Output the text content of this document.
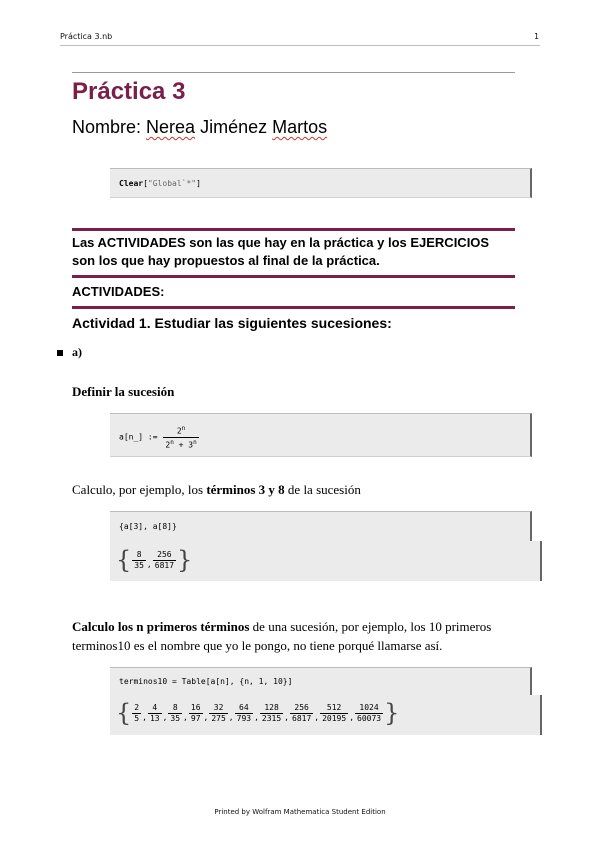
Práctica 3.nb	1
Práctica 3
Nombre: Nerea Jiménez Martos
Clear["Global`*"]
Las ACTIVIDADES son las que hay en la práctica y los EJERCICIOS son los que hay propuestos al final de la práctica.
ACTIVIDADES:
Actividad 1. Estudiar las siguientes sucesiones:
a)
Definir la sucesión
a[n_] := $\frac{2^n}{2^n + 3^n}$
Calculo, por ejemplo, los términos 3 y 8 de la sucesión
{a[3], a[8]}
{ $\frac{8}{35}$ , $\frac{256}{6817}$ }
Calculo los n primeros términos de una sucesión, por ejemplo, los 10 primeros terminos10 es el nombre que yo le pongo, no tiene porqué llamarse así.
terminos10 = Table[a[n], {n, 1, 10}]
{ $\frac{2}{5}$ , $\frac{4}{13}$ , $\frac{8}{35}$ , $\frac{16}{97}$ , $\frac{32}{275}$ , $\frac{64}{793}$ , $\frac{128}{2315}$ , $\frac{256}{6817}$ , $\frac{512}{20195}$ , $\frac{1024}{60073}$ }
Printed by Wolfram Mathematica Student Edition
